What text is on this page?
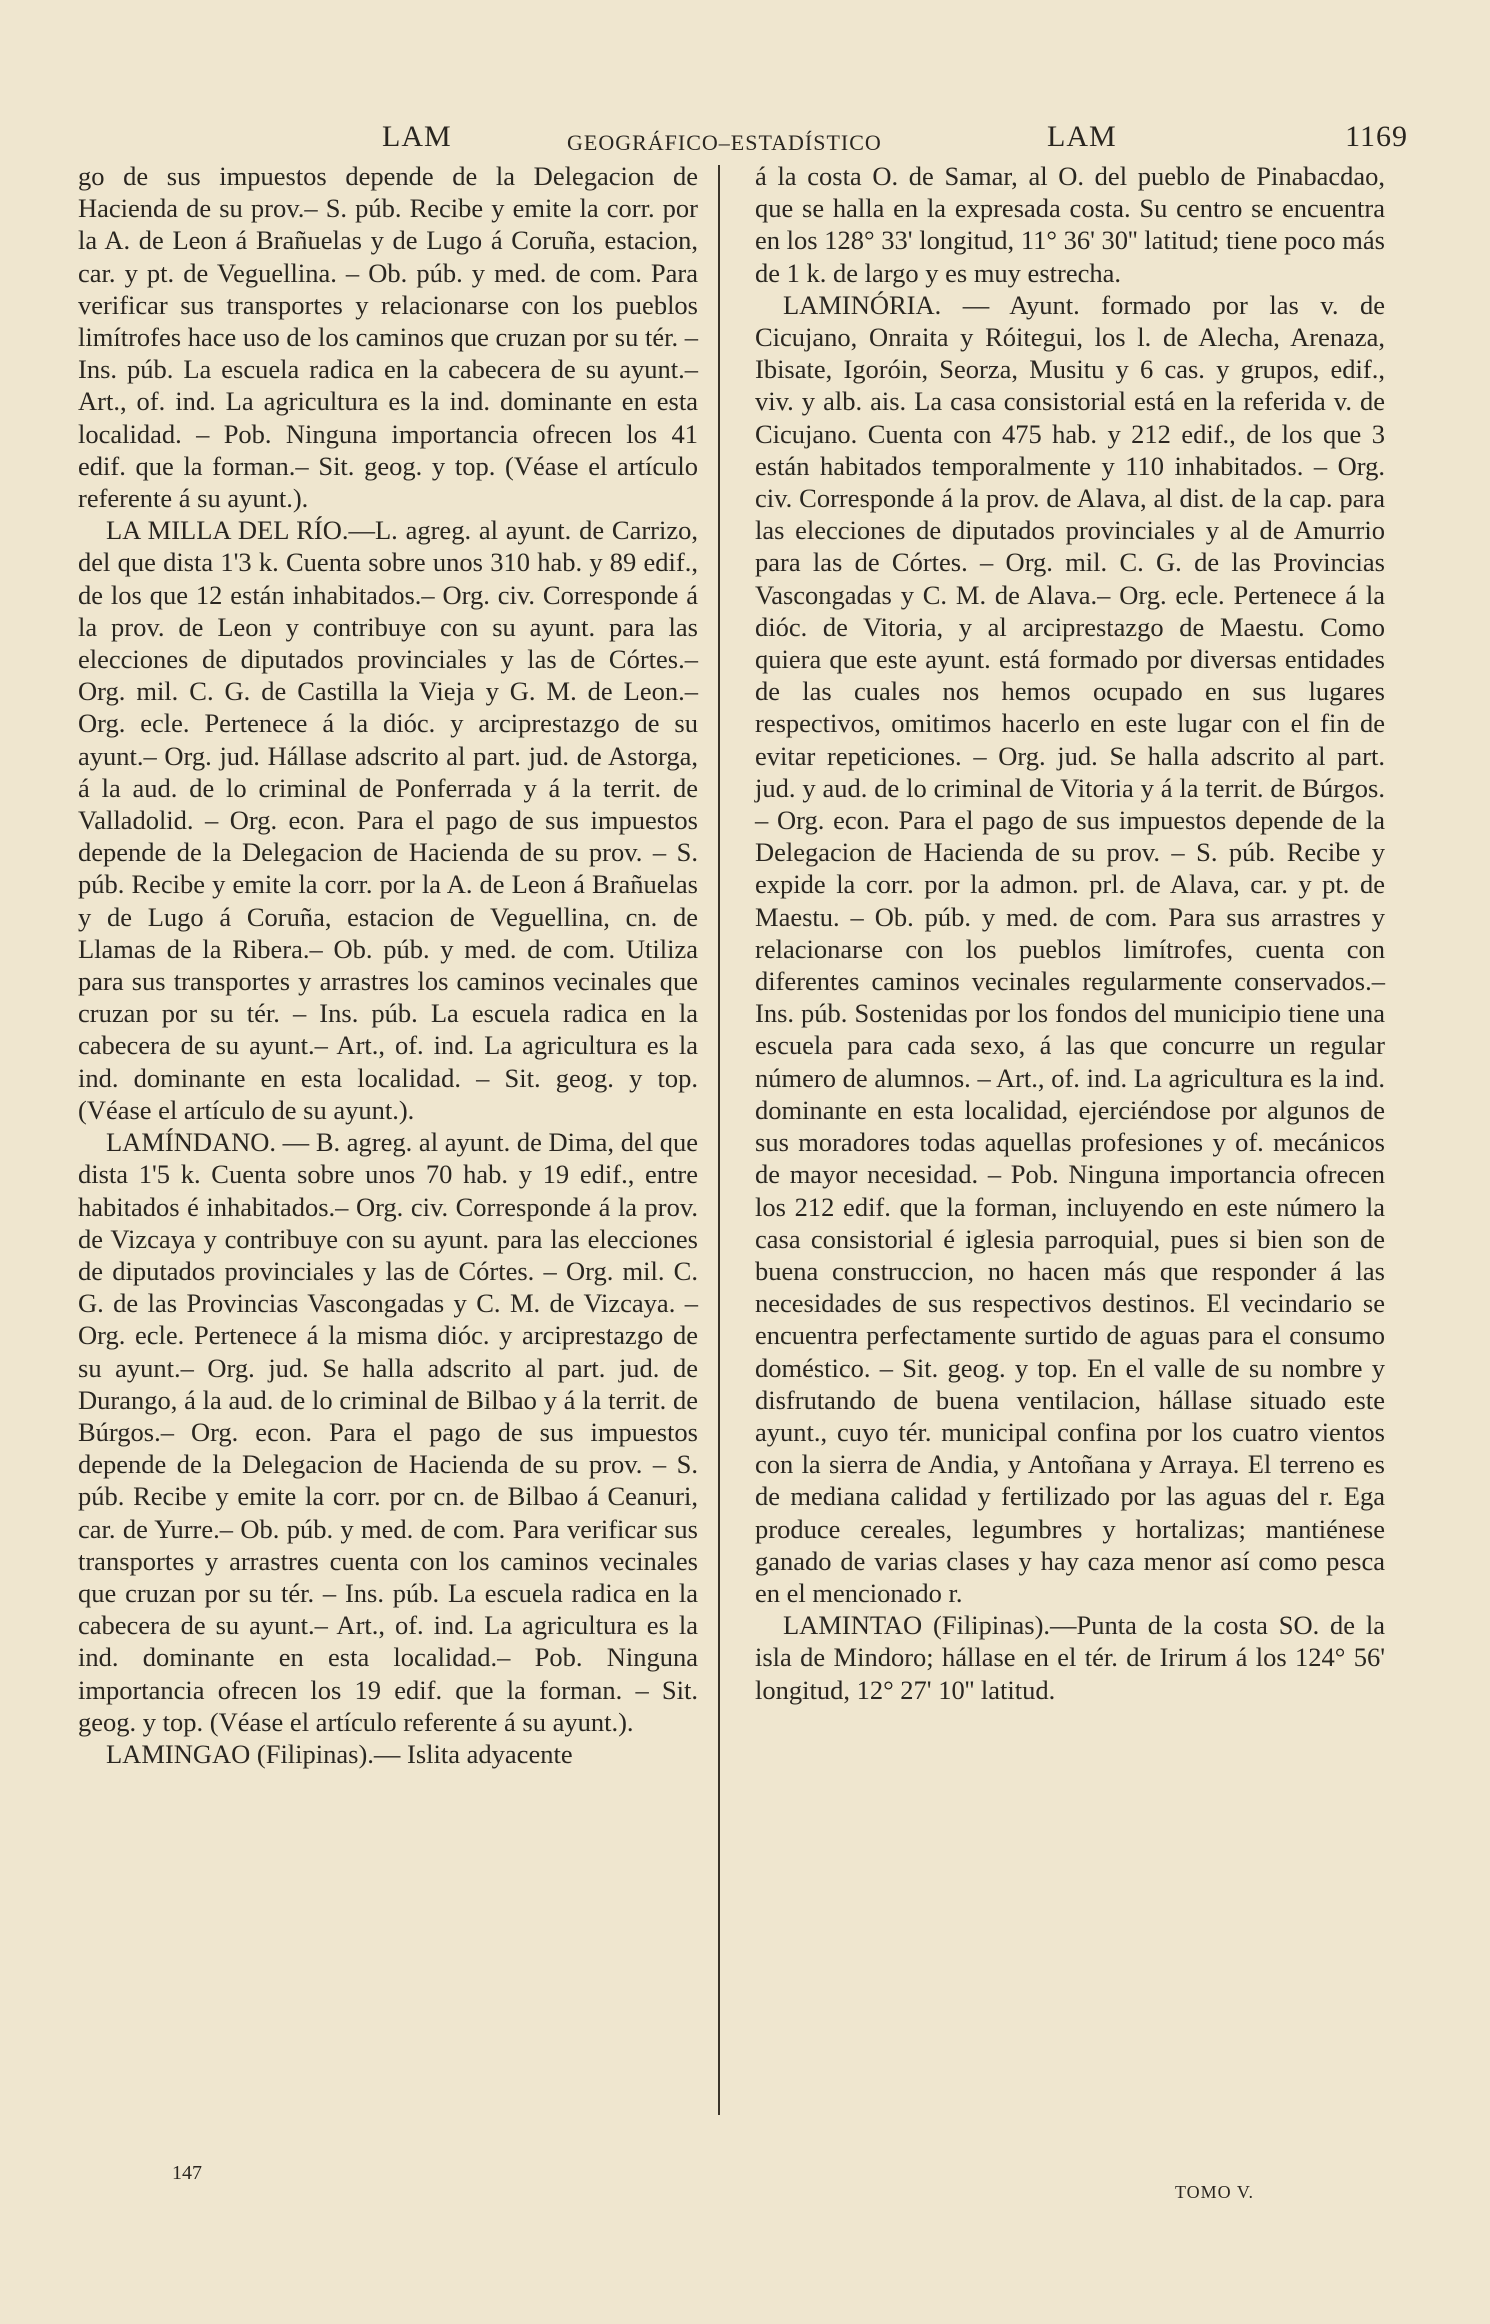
LAM	GEOGRÁFICO–ESTADÍSTICO	LAM	1169

go de sus impuestos depende de la Delegacion de Hacienda de su prov.– S. púb. Recibe y emite la corr. por la A. de Leon á Brañuelas y de Lugo á Coruña, estacion, car. y pt. de Veguellina. – Ob. púb. y med. de com. Para verificar sus transportes y relacionarse con los pueblos limítrofes hace uso de los caminos que cruzan por su tér. – Ins. púb. La escuela radica en la cabecera de su ayunt.– Art., of. ind. La agricultura es la ind. dominante en esta localidad. – Pob. Ninguna importancia ofrecen los 41 edif. que la forman.– Sit. geog. y top. (Véase el artículo referente á su ayunt.).

LA MILLA DEL RÍO.—L. agreg. al ayunt. de Carrizo, del que dista 1'3 k. Cuenta sobre unos 310 hab. y 89 edif., de los que 12 están inhabitados.– Org. civ. Corresponde á la prov. de Leon y contribuye con su ayunt. para las elecciones de diputados provinciales y las de Córtes.– Org. mil. C. G. de Castilla la Vieja y G. M. de Leon.– Org. ecle. Pertenece á la dióc. y arciprestazgo de su ayunt.– Org. jud. Hállase adscrito al part. jud. de Astorga, á la aud. de lo criminal de Ponferrada y á la territ. de Valladolid. – Org. econ. Para el pago de sus impuestos depende de la Delegacion de Hacienda de su prov. – S. púb. Recibe y emite la corr. por la A. de Leon á Brañuelas y de Lugo á Coruña, estacion de Veguellina, cn. de Llamas de la Ribera.– Ob. púb. y med. de com. Utiliza para sus transportes y arrastres los caminos vecinales que cruzan por su tér. – Ins. púb. La escuela radica en la cabecera de su ayunt.– Art., of. ind. La agricultura es la ind. dominante en esta localidad. – Sit. geog. y top. (Véase el artículo de su ayunt.).

LAMÍNDANO. — B. agreg. al ayunt. de Dima, del que dista 1'5 k. Cuenta sobre unos 70 hab. y 19 edif., entre habitados é inhabitados.– Org. civ. Corresponde á la prov. de Vizcaya y contribuye con su ayunt. para las elecciones de diputados provinciales y las de Córtes. – Org. mil. C. G. de las Provincias Vascongadas y C. M. de Vizcaya. – Org. ecle. Pertenece á la misma dióc. y arciprestazgo de su ayunt.– Org. jud. Se halla adscrito al part. jud. de Durango, á la aud. de lo criminal de Bilbao y á la territ. de Búrgos.– Org. econ. Para el pago de sus impuestos depende de la Delegacion de Hacienda de su prov. – S. púb. Recibe y emite la corr. por cn. de Bilbao á Ceanuri, car. de Yurre.– Ob. púb. y med. de com. Para verificar sus transportes y arrastres cuenta con los caminos vecinales que cruzan por su tér. – Ins. púb. La escuela radica en la cabecera de su ayunt.– Art., of. ind. La agricultura es la ind. dominante en esta localidad.– Pob. Ninguna importancia ofrecen los 19 edif. que la forman. – Sit. geog. y top. (Véase el artículo referente á su ayunt.).

LAMINGAO (Filipinas).— Islita adyacente

á la costa O. de Samar, al O. del pueblo de Pinabacdao, que se halla en la expresada costa. Su centro se encuentra en los 128° 33' longitud, 11° 36' 30'' latitud; tiene poco más de 1 k. de largo y es muy estrecha.

LAMINÓRIA. — Ayunt. formado por las v. de Cicujano, Onraita y Róitegui, los l. de Alecha, Arenaza, Ibisate, Igoróin, Seorza, Musitu y 6 cas. y grupos, edif., viv. y alb. ais. La casa consistorial está en la referida v. de Cicujano. Cuenta con 475 hab. y 212 edif., de los que 3 están habitados temporalmente y 110 inhabitados. – Org. civ. Corresponde á la prov. de Alava, al dist. de la cap. para las elecciones de diputados provinciales y al de Amurrio para las de Córtes. – Org. mil. C. G. de las Provincias Vascongadas y C. M. de Alava.– Org. ecle. Pertenece á la dióc. de Vitoria, y al arciprestazgo de Maestu. Como quiera que este ayunt. está formado por diversas entidades de las cuales nos hemos ocupado en sus lugares respectivos, omitimos hacerlo en este lugar con el fin de evitar repeticiones. – Org. jud. Se halla adscrito al part. jud. y aud. de lo criminal de Vitoria y á la territ. de Búrgos. – Org. econ. Para el pago de sus impuestos depende de la Delegacion de Hacienda de su prov. – S. púb. Recibe y expide la corr. por la admon. prl. de Alava, car. y pt. de Maestu. – Ob. púb. y med. de com. Para sus arrastres y relacionarse con los pueblos limítrofes, cuenta con diferentes caminos vecinales regularmente conservados.– Ins. púb. Sostenidas por los fondos del municipio tiene una escuela para cada sexo, á las que concurre un regular número de alumnos. – Art., of. ind. La agricultura es la ind. dominante en esta localidad, ejerciéndose por algunos de sus moradores todas aquellas profesiones y of. mecánicos de mayor necesidad. – Pob. Ninguna importancia ofrecen los 212 edif. que la forman, incluyendo en este número la casa consistorial é iglesia parroquial, pues si bien son de buena construccion, no hacen más que responder á las necesidades de sus respectivos destinos. El vecindario se encuentra perfectamente surtido de aguas para el consumo doméstico. – Sit. geog. y top. En el valle de su nombre y disfrutando de buena ventilacion, hállase situado este ayunt., cuyo tér. municipal confina por los cuatro vientos con la sierra de Andia, y Antoñana y Arraya. El terreno es de mediana calidad y fertilizado por las aguas del r. Ega produce cereales, legumbres y hortalizas; mantiénese ganado de varias clases y hay caza menor así como pesca en el mencionado r.

LAMINTAO (Filipinas).—Punta de la costa SO. de la isla de Mindoro; hállase en el tér. de Irirum á los 124° 56' longitud, 12° 27' 10'' latitud.

147
TOMO V.
